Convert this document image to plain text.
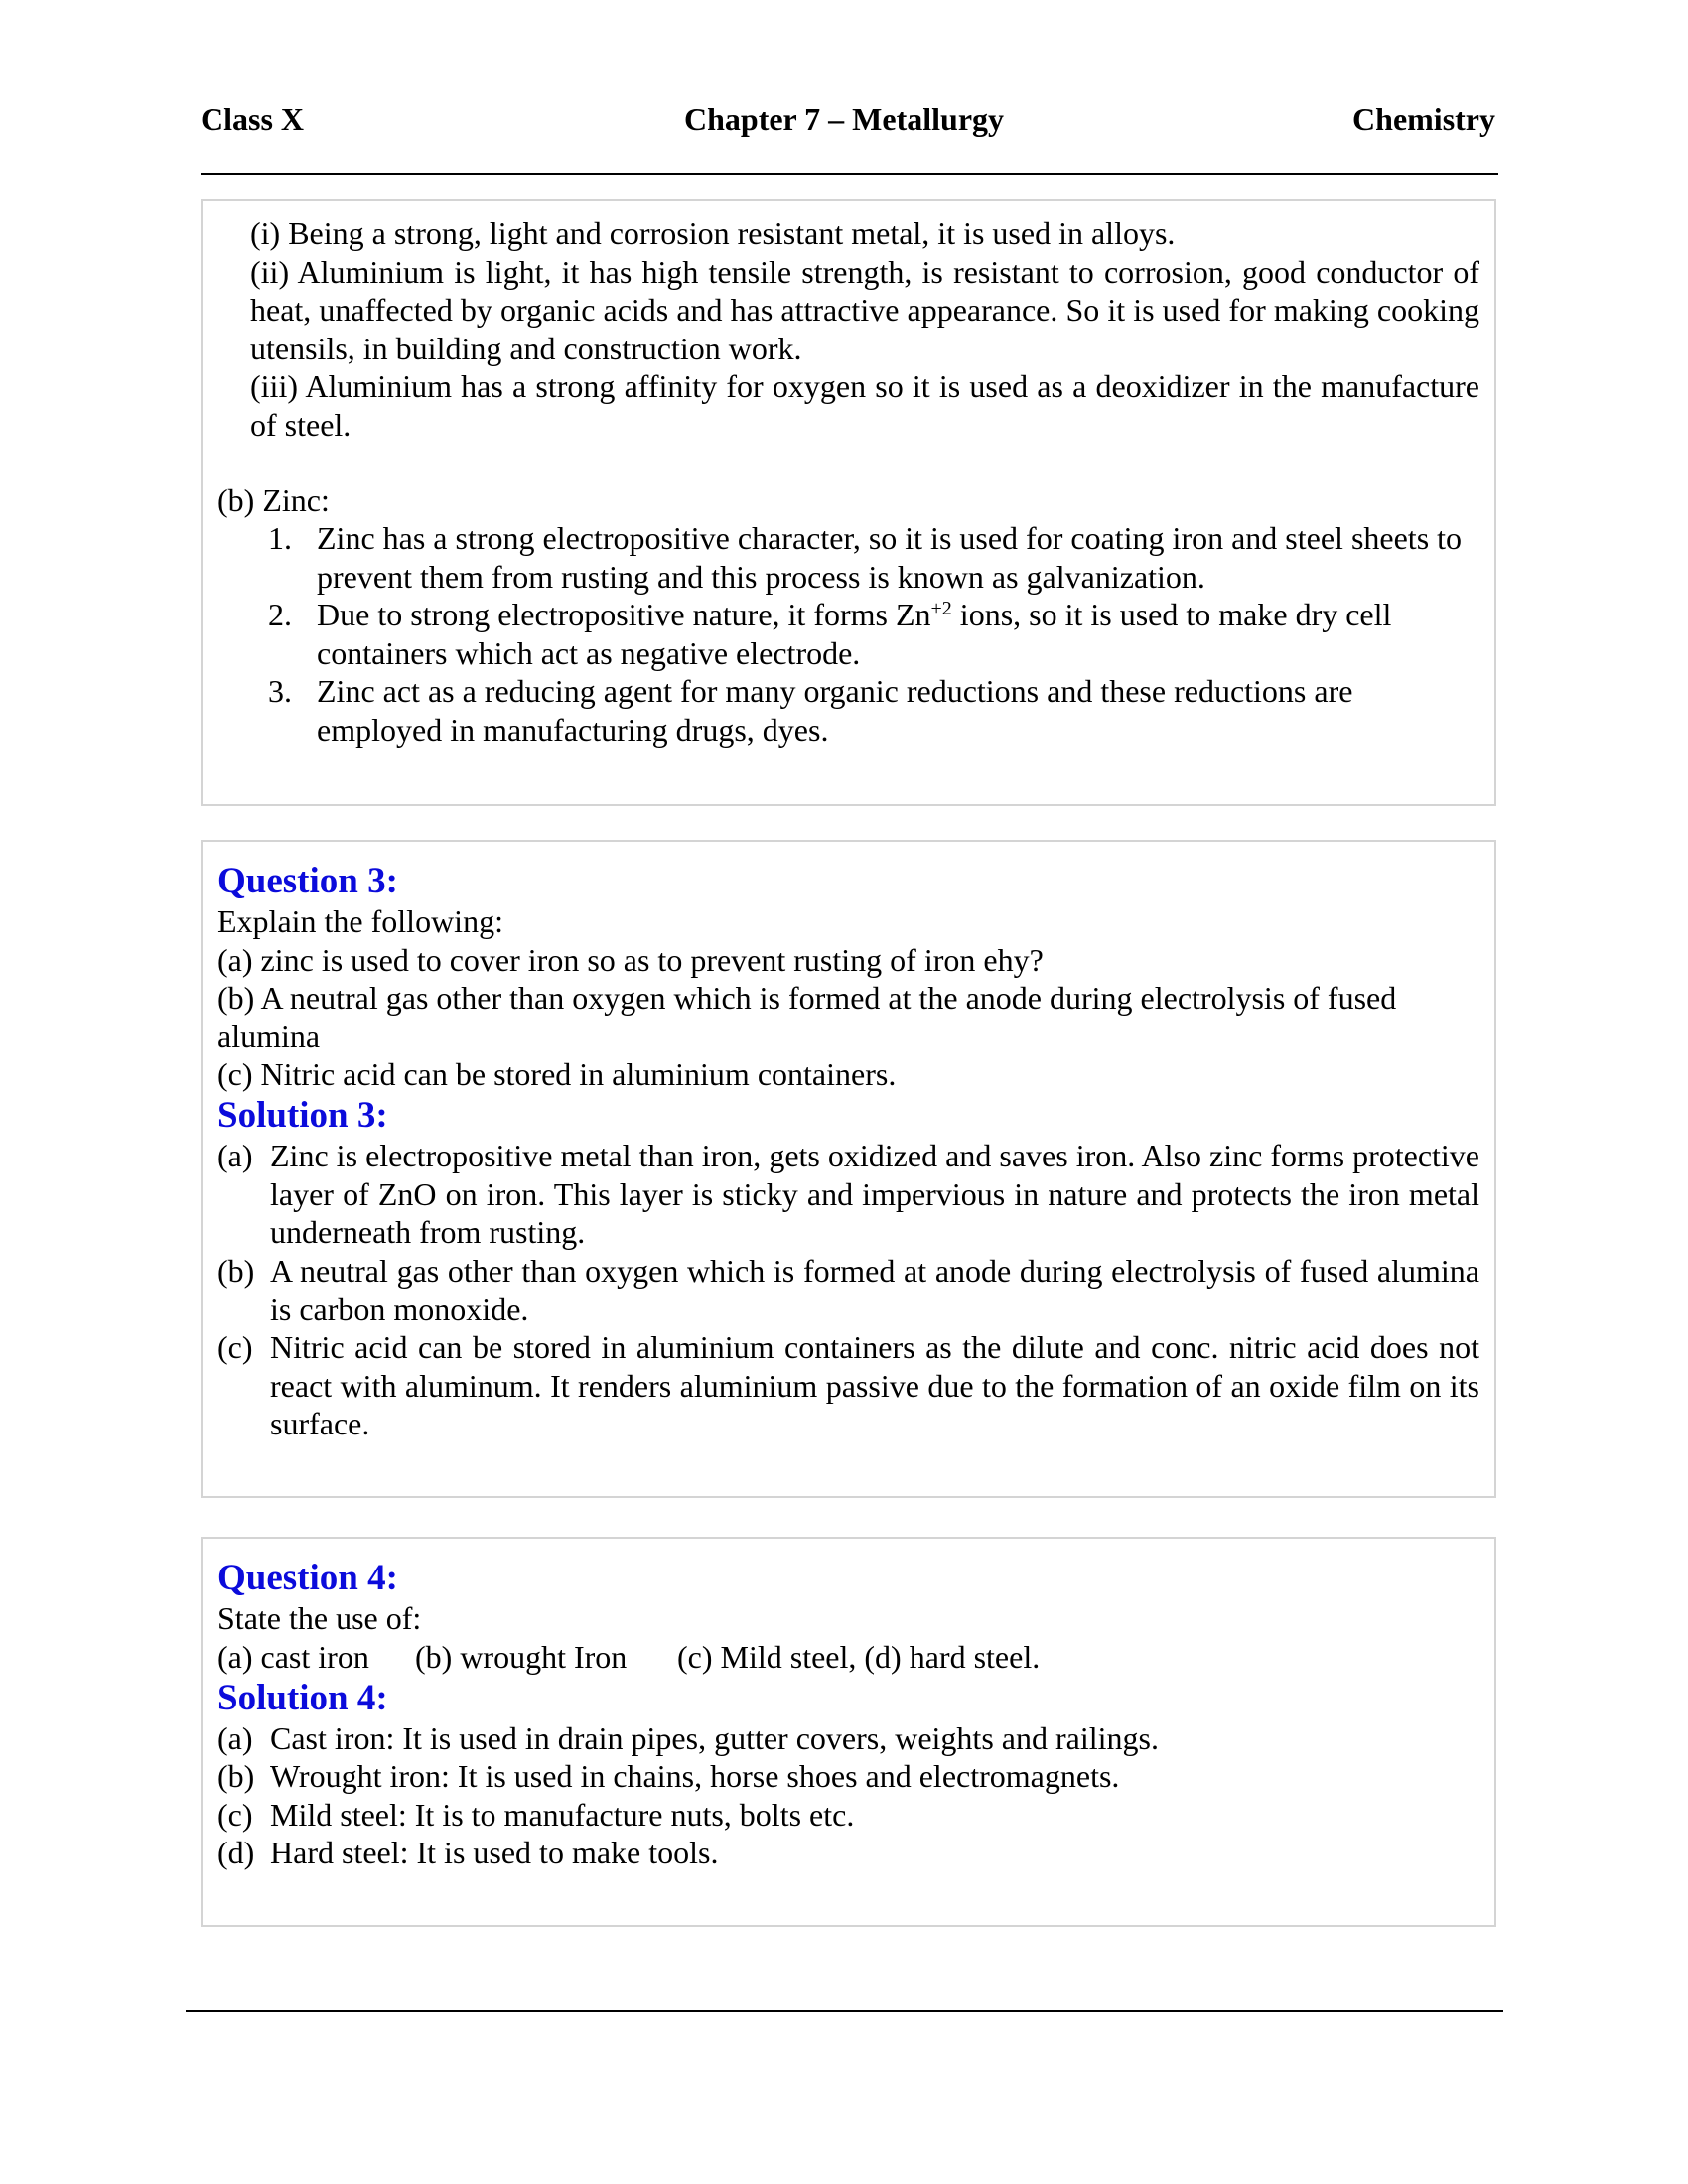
Class X	Chapter 7 – Metallurgy	Chemistry

(i) Being a strong, light and corrosion resistant metal, it is used in alloys.

(ii) Aluminium is light, it has high tensile strength, is resistant to corrosion, good conductor of heat, unaffected by organic acids and has attractive appearance. So it is used for making cooking utensils, in building and construction work.

(iii) Aluminium has a strong affinity for oxygen so it is used as a deoxidizer in the manufacture of steel.

(b) Zinc:
1. Zinc has a strong electropositive character, so it is used for coating iron and steel sheets to prevent them from rusting and this process is known as galvanization.
2. Due to strong electropositive nature, it forms $Zn^{+2}$ ions, so it is used to make dry cell containers which act as negative electrode.
3. Zinc act as a reducing agent for many organic reductions and these reductions are employed in manufacturing drugs, dyes.
Question 3:

Explain the following:

(a) zinc is used to cover iron so as to prevent rusting of iron ehy?

(b) A neutral gas other than oxygen which is formed at the anode during electrolysis of fused alumina

(c) Nitric acid can be stored in aluminium containers.

Solution 3:
(a) Zinc is electropositive metal than iron, gets oxidized and saves iron. Also zinc forms protective layer of ZnO on iron. This layer is sticky and impervious in nature and protects the iron metal underneath from rusting.
(b) A neutral gas other than oxygen which is formed at anode during electrolysis of fused alumina is carbon monoxide.
(c) Nitric acid can be stored in aluminium containers as the dilute and conc. nitric acid does not react with aluminum. It renders aluminium passive due to the formation of an oxide film on its surface.
Question 4:

State the use of:

(a) cast iron (b) wrought Iron (c) Mild steel, (d) hard steel.

Solution 4:
(a) Cast iron: It is used in drain pipes, gutter covers, weights and railings.
(b) Wrought iron: It is used in chains, horse shoes and electromagnets.
(c) Mild steel: It is to manufacture nuts, bolts etc.
(d) Hard steel: It is used to make tools.
